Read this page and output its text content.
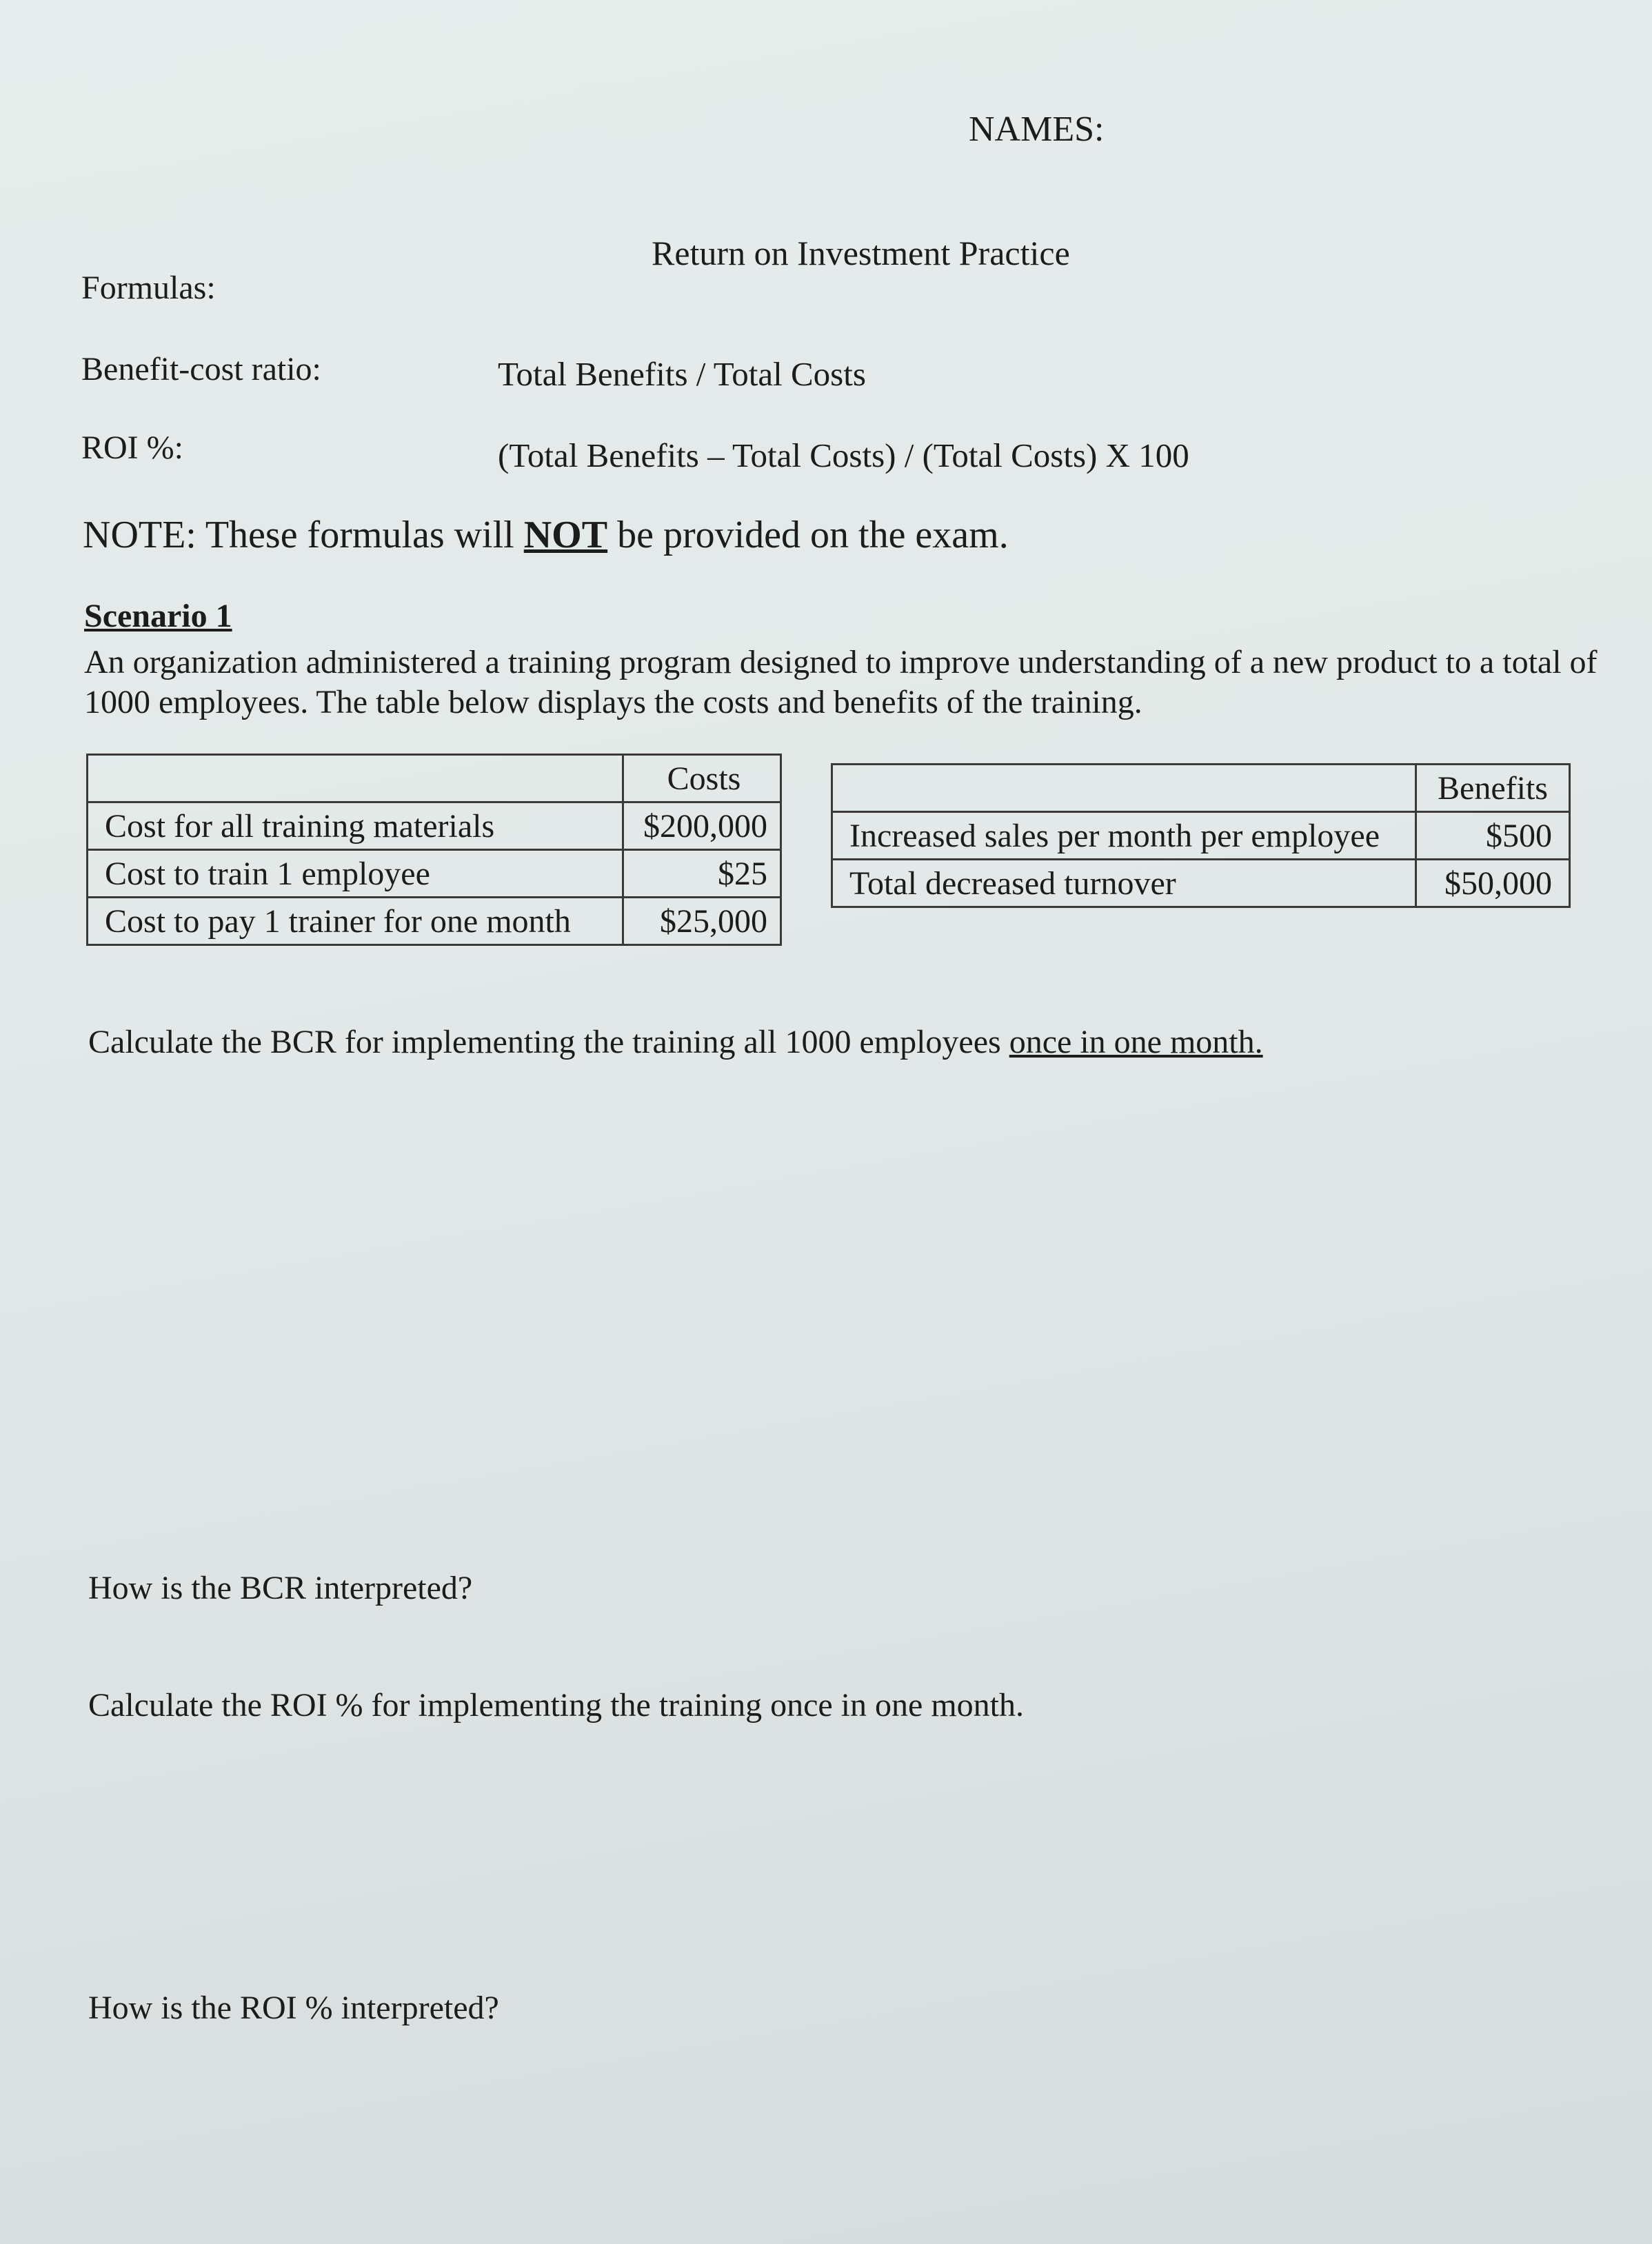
NAMES:
Return on Investment Practice
Formulas:
Benefit-cost ratio:	Total Benefits / Total Costs
ROI %:	(Total Benefits – Total Costs) / (Total Costs) X 100
NOTE: These formulas will NOT be provided on the exam.
Scenario 1
An organization administered a training program designed to improve understanding of a new product to a total of 1000 employees. The table below displays the costs and benefits of the training.
	Costs
Cost for all training materials	$200,000
Cost to train 1 employee	$25
Cost to pay 1 trainer for one month	$25,000
	Benefits
Increased sales per month per employee	$500
Total decreased turnover	$50,000
Calculate the BCR for implementing the training all 1000 employees once in one month.
How is the BCR interpreted?
Calculate the ROI % for implementing the training once in one month.
How is the ROI % interpreted?
